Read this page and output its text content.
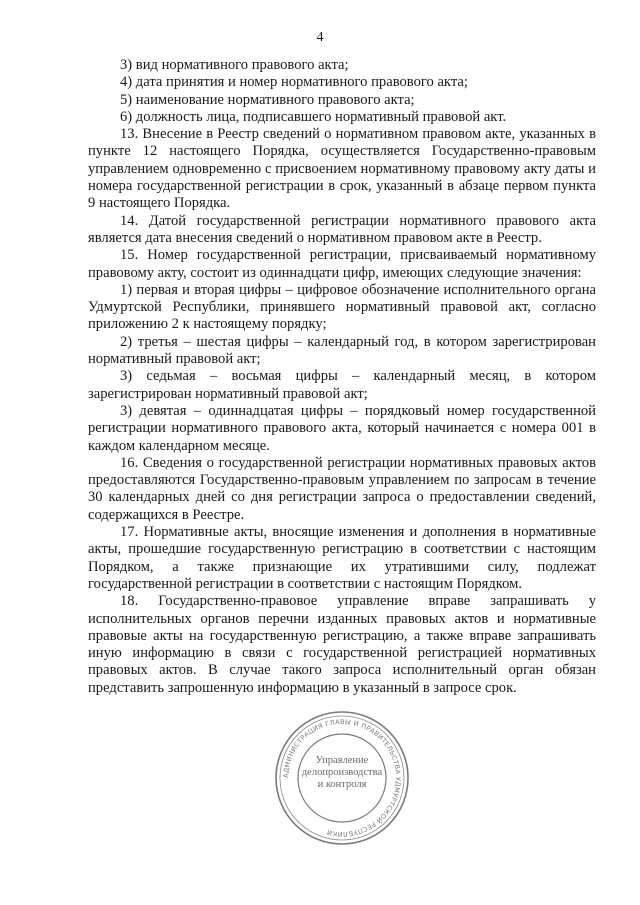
4

3) вид нормативного правового акта;

4) дата принятия и номер нормативного правового акта;

5) наименование нормативного правового акта;

6) должность лица, подписавшего нормативный правовой акт.

13. Внесение в Реестр сведений о нормативном правовом акте, указанных в пункте 12 настоящего Порядка, осуществляется Государственно-правовым управлением одновременно с присвоением нормативному правовому акту даты и номера государственной регистрации в срок, указанный в абзаце первом пункта 9 настоящего Порядка.

14. Датой государственной регистрации нормативного правового акта является дата внесения сведений о нормативном правовом акте в Реестр.

15. Номер государственной регистрации, присваиваемый нормативному правовому акту, состоит из одиннадцати цифр, имеющих следующие значения:

1) первая и вторая цифры – цифровое обозначение исполнительного органа Удмуртской Республики, принявшего нормативный правовой акт, согласно приложению 2 к настоящему порядку;

2) третья – шестая цифры – календарный год, в котором зарегистрирован нормативный правовой акт;

3) седьмая – восьмая цифры – календарный месяц, в котором зарегистрирован нормативный правовой акт;

3) девятая – одиннадцатая цифры – порядковый номер государственной регистрации нормативного правового акта, который начинается с номера 001 в каждом календарном месяце.

16. Сведения о государственной регистрации нормативных правовых актов предоставляются Государственно-правовым управлением по запросам в течение 30 календарных дней со дня регистрации запроса о предоставлении сведений, содержащихся в Реестре.

17. Нормативные акты, вносящие изменения и дополнения в нормативные акты, прошедшие государственную регистрацию в соответствии с настоящим Порядком, а также признающие их утратившими силу, подлежат государственной регистрации в соответствии с настоящим Порядком.

18. Государственно-правовое управление вправе запрашивать у исполнительных органов перечни изданных правовых актов и нормативные правовые акты на государственную регистрацию, а также вправе запрашивать иную информацию в связи с государственной регистрацией нормативных правовых актов. В случае такого запроса исполнительный орган обязан представить запрошенную информацию в указанный в запросе срок.

АДМИНИСТРАЦИЯ ГЛАВЫ И ПРАВИТЕЛЬСТВА УДМУРТСКОЙ РЕСПУБЛИКИ
Управление
делопроизводства
и контроля
